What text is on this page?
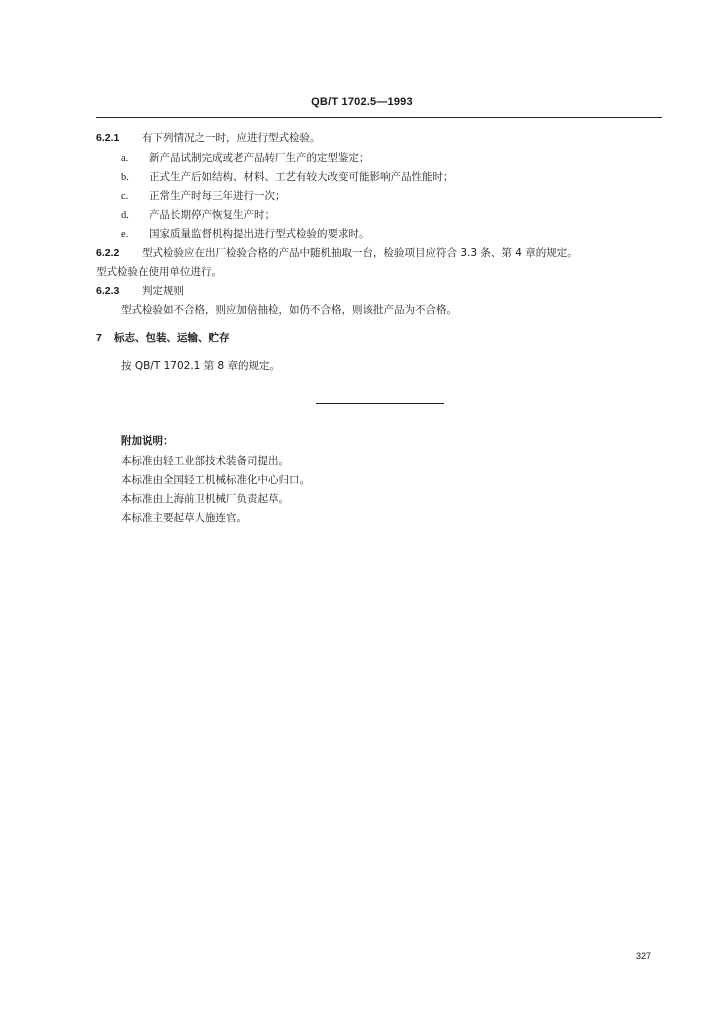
QB/T 1702.5—1993
6.2.1 有下列情况之一时，应进行型式检验。
a. 新产品试制完成或老产品转厂生产的定型鉴定；
b. 正式生产后如结构、材料、工艺有较大改变可能影响产品性能时；
c. 正常生产时每三年进行一次；
d. 产品长期停产恢复生产时；
e. 国家质量监督机构提出进行型式检验的要求时。
6.2.2 型式检验应在出厂检验合格的产品中随机抽取一台，检验项目应符合 3.3 条、第 4 章的规定。
型式检验在使用单位进行。
6.2.3 判定规则
型式检验如不合格，则应加倍抽检，如仍不合格，则该批产品为不合格。
7 标志、包装、运输、贮存
按 QB/T 1702.1 第 8 章的规定。
附加说明：
本标准由轻工业部技术装备司提出。
本标准由全国轻工机械标准化中心归口。
本标准由上海前卫机械厂负责起草。
本标准主要起草人施连官。
327
